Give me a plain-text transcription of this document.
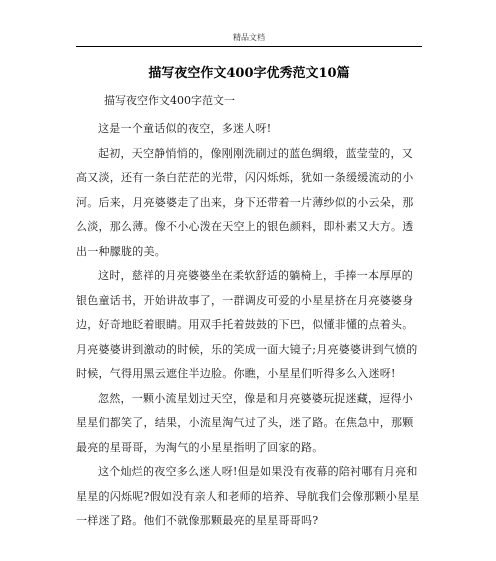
精品文档
描写夜空作文400字优秀范文10篇

描写夜空作文400字范文一

这是一个童话似的夜空，多迷人呀!

起初，天空静悄悄的，像刚刚洗刷过的蓝色绸缎，蓝莹莹的，又高又淡，还有一条白茫茫的光带，闪闪烁烁，犹如一条缓缓流动的小河。后来，月亮婆婆走了出来，身下还带着一片薄纱似的小云朵，那么淡，那么薄。像不小心泼在天空上的银色颜料，即朴素又大方。透出一种朦胧的美。

这时，慈祥的月亮婆婆坐在柔软舒适的躺椅上，手捧一本厚厚的银色童话书，开始讲故事了，一群调皮可爱的小星星挤在月亮婆婆身边，好奇地眨着眼睛。用双手托着鼓鼓的下巴，似懂非懂的点着头。月亮婆婆讲到激动的时候，乐的笑成一面大镜子;月亮婆婆讲到气愤的时候，气得用黑云遮住半边脸。你瞧，小星星们听得多么入迷呀!

忽然，一颗小流星划过天空，像是和月亮婆婆玩捉迷藏，逗得小星星们都笑了，结果，小流星淘气过了头，迷了路。在焦急中，那颗最亮的星哥哥，为淘气的小星星指明了回家的路。

这个灿烂的夜空多么迷人呀!但是如果没有夜幕的陪衬哪有月亮和星星的闪烁呢?假如没有亲人和老师的培养、导航我们会像那颗小星星一样迷了路。他们不就像那颗最亮的星星哥哥吗?
